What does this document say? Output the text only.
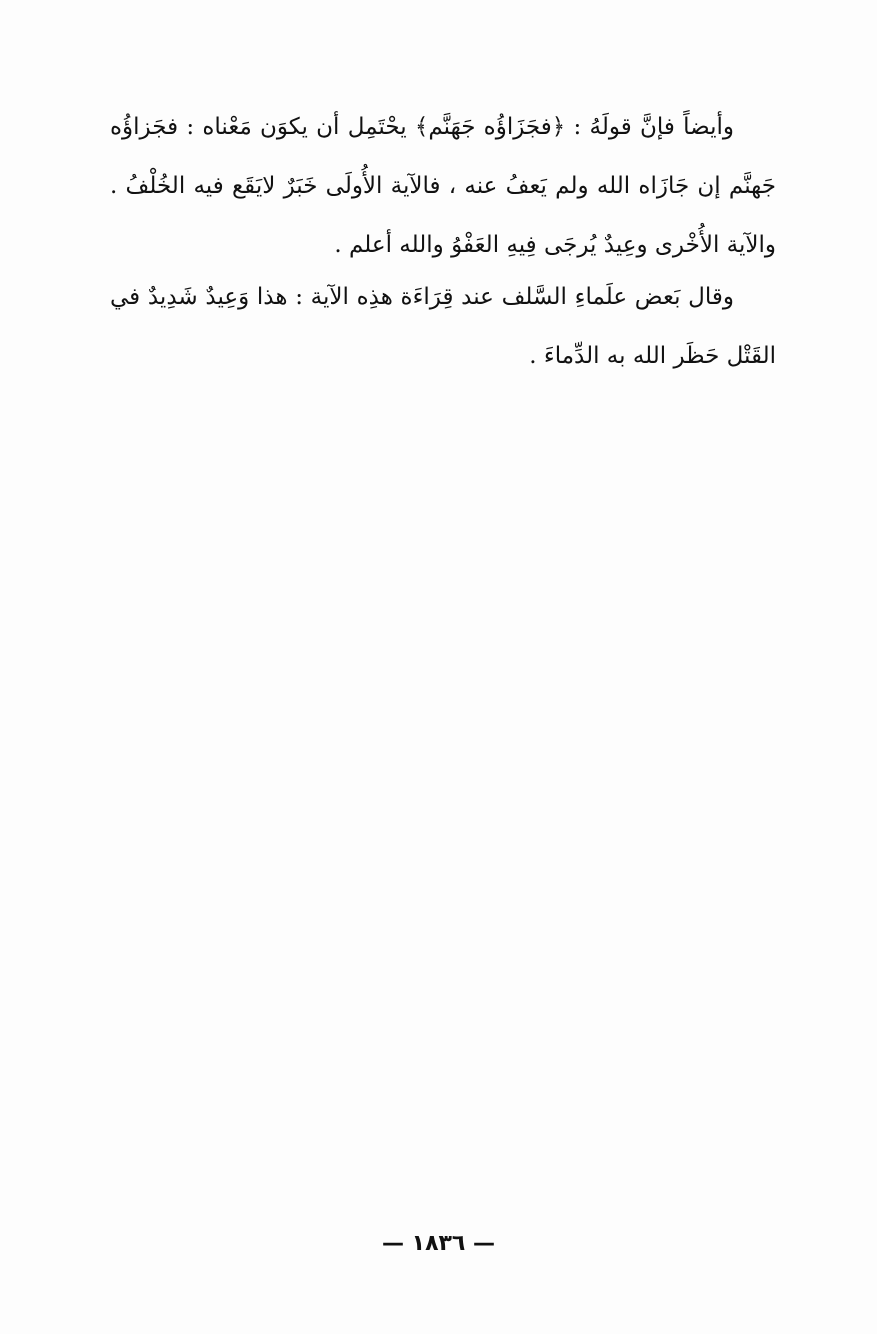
وأيضاً فإنَّ قولَهُ : ﴿فجَزَاؤُه جَهَنَّم﴾ يحْتَمِل أن يكوَن مَعْناه : فجَزاؤُه جَهنَّم إن جَازَاه الله ولم يَعفُ عنه ، فالآية الأُولَى خَبَرٌ لايَقَع فيه الخُلْفُ . والآية الأُخْرى وعِيدٌ يُرجَى فِيهِ العَفْوُ والله أعلم .

وقال بَعض علَماءِ السَّلف عند قِرَاءَة هذِه الآية : هذا وَعِيدٌ شَدِيدٌ في القَتْل حَظَر الله به الدِّماءَ .

— ١٨٣٦ —
